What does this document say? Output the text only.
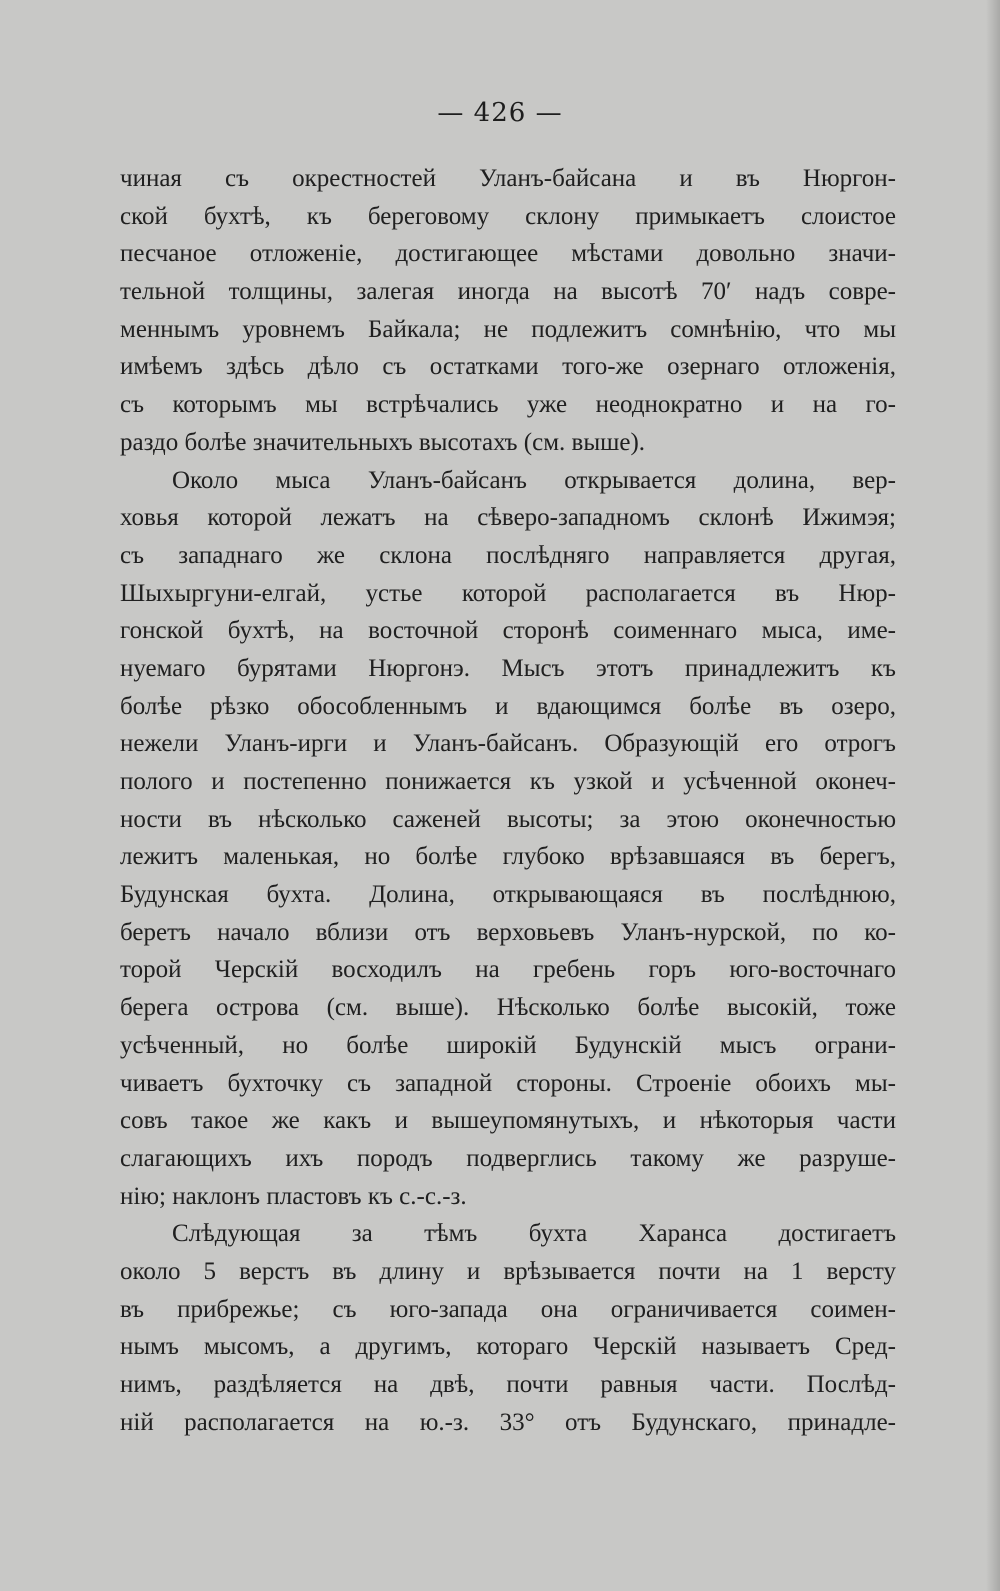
— 426 —
чиная съ окрестностей Уланъ-байсана и въ Нюргон-
ской бухтѣ, къ береговому склону примыкаетъ слоистое
песчаное отложеніе, достигающее мѣстами довольно значи-
тельной толщины, залегая иногда на высотѣ 70′ надъ совре-
меннымъ уровнемъ Байкала; не подлежитъ сомнѣнію, что мы
имѣемъ здѣсь дѣло съ остатками того-же озернаго отложенія,
съ которымъ мы встрѣчались уже неоднократно и на го-
раздо болѣе значительныхъ высотахъ (см. выше).
Около мыса Уланъ-байсанъ открывается долина, вер-
ховья которой лежатъ на сѣверо-западномъ склонѣ Ижимэя;
съ западнаго же склона послѣдняго направляется другая,
Шыхыргуни-елгай, устье которой располагается въ Нюр-
гонской бухтѣ, на восточной сторонѣ соименнаго мыса, име-
нуемаго бурятами Нюргонэ. Мысъ этотъ принадлежитъ къ
болѣе рѣзко обособленнымъ и вдающимся болѣе въ озеро,
нежели Уланъ-ирги и Уланъ-байсанъ. Образующій его отрогъ
полого и постепенно понижается къ узкой и усѣченной оконеч-
ности въ нѣсколько саженей высоты; за этою оконечностью
лежитъ маленькая, но болѣе глубоко врѣзавшаяся въ берегъ,
Будунская бухта. Долина, открывающаяся въ послѣднюю,
беретъ начало вблизи отъ верховьевъ Уланъ-нурской, по ко-
торой Черскій восходилъ на гребень горъ юго-восточнаго
берега острова (см. выше). Нѣсколько болѣе высокій, тоже
усѣченный, но болѣе широкій Будунскій мысъ ограни-
чиваетъ бухточку съ западной стороны. Строеніе обоихъ мы-
совъ такое же какъ и вышеупомянутыхъ, и нѣкоторыя части
слагающихъ ихъ породъ подверглись такому же разруше-
нію; наклонъ пластовъ къ с.-с.-з.
Слѣдующая за тѣмъ бухта Харанса достигаетъ
около 5 верстъ въ длину и врѣзывается почти на 1 версту
въ прибрежье; съ юго-запада она ограничивается соимен-
нымъ мысомъ, а другимъ, котораго Черскій называетъ Сред-
нимъ, раздѣляется на двѣ, почти равныя части. Послѣд-
ній располагается на ю.-з. 33° отъ Будунскаго, принадле-
